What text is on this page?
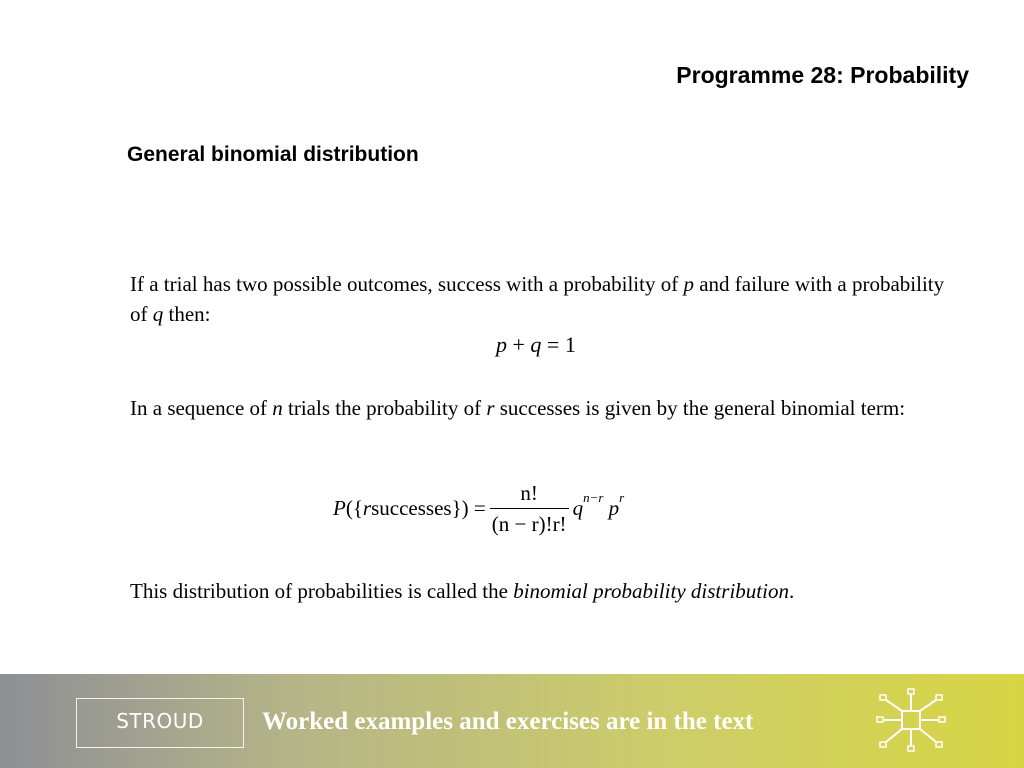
Programme 28: Probability
General binomial distribution
If a trial has two possible outcomes, success with a probability of p and failure with a probability of q then:
p + q = 1
In a sequence of n trials the probability of r successes is given by the general binomial term:
P ({ r successes }) = $\frac{n!}{(n - r)!r!}$ q n−r
p r
This distribution of probabilities is called the binomial probability distribution.
STROUD	Worked examples and exercises are in the text
